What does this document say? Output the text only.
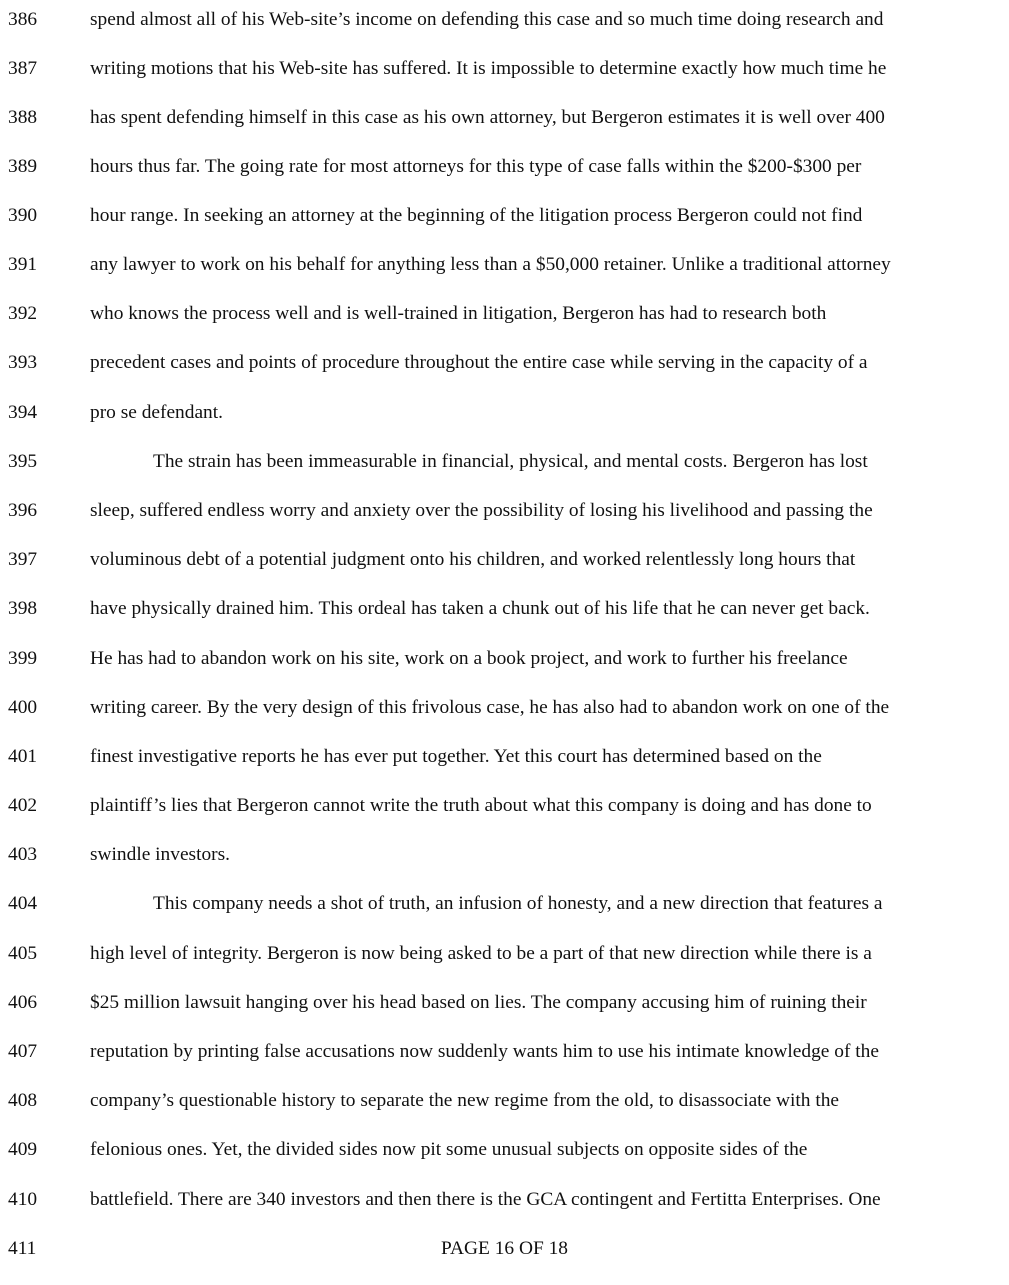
386	spend almost all of his Web-site’s income on defending this case and so much time doing research and
387	writing motions that his Web-site has suffered. It is impossible to determine exactly how much time he
388	has spent defending himself in this case as his own attorney, but Bergeron estimates it is well over 400
389	hours thus far. The going rate for most attorneys for this type of case falls within the $200-$300 per
390	hour range. In seeking an attorney at the beginning of the litigation process Bergeron could not find
391	any lawyer to work on his behalf for anything less than a $50,000 retainer. Unlike a traditional attorney
392	who knows the process well and is well-trained in litigation, Bergeron has had to research both
393	precedent cases and points of procedure throughout the entire case while serving in the capacity of a
394	pro se defendant.
395	The strain has been immeasurable in financial, physical, and mental costs. Bergeron has lost
396	sleep, suffered endless worry and anxiety over the possibility of losing his livelihood and passing the
397	voluminous debt of a potential judgment onto his children, and worked relentlessly long hours that
398	have physically drained him. This ordeal has taken a chunk out of his life that he can never get back.
399	He has had to abandon work on his site, work on a book project, and work to further his freelance
400	writing career. By the very design of this frivolous case, he has also had to abandon work on one of the
401	finest investigative reports he has ever put together. Yet this court has determined based on the
402	plaintiff’s lies that Bergeron cannot write the truth about what this company is doing and has done to
403	swindle investors.
404	This company needs a shot of truth, an infusion of honesty, and a new direction that features a
405	high level of integrity. Bergeron is now being asked to be a part of that new direction while there is a
406	$25 million lawsuit hanging over his head based on lies. The company accusing him of ruining their
407	reputation by printing false accusations now suddenly wants him to use his intimate knowledge of the
408	company’s questionable history to separate the new regime from the old, to disassociate with the
409	felonious ones. Yet, the divided sides now pit some unusual subjects on opposite sides of the
410	battlefield. There are 340 investors and then there is the GCA contingent and Fertitta Enterprises. One
411	PAGE 16 OF 18
